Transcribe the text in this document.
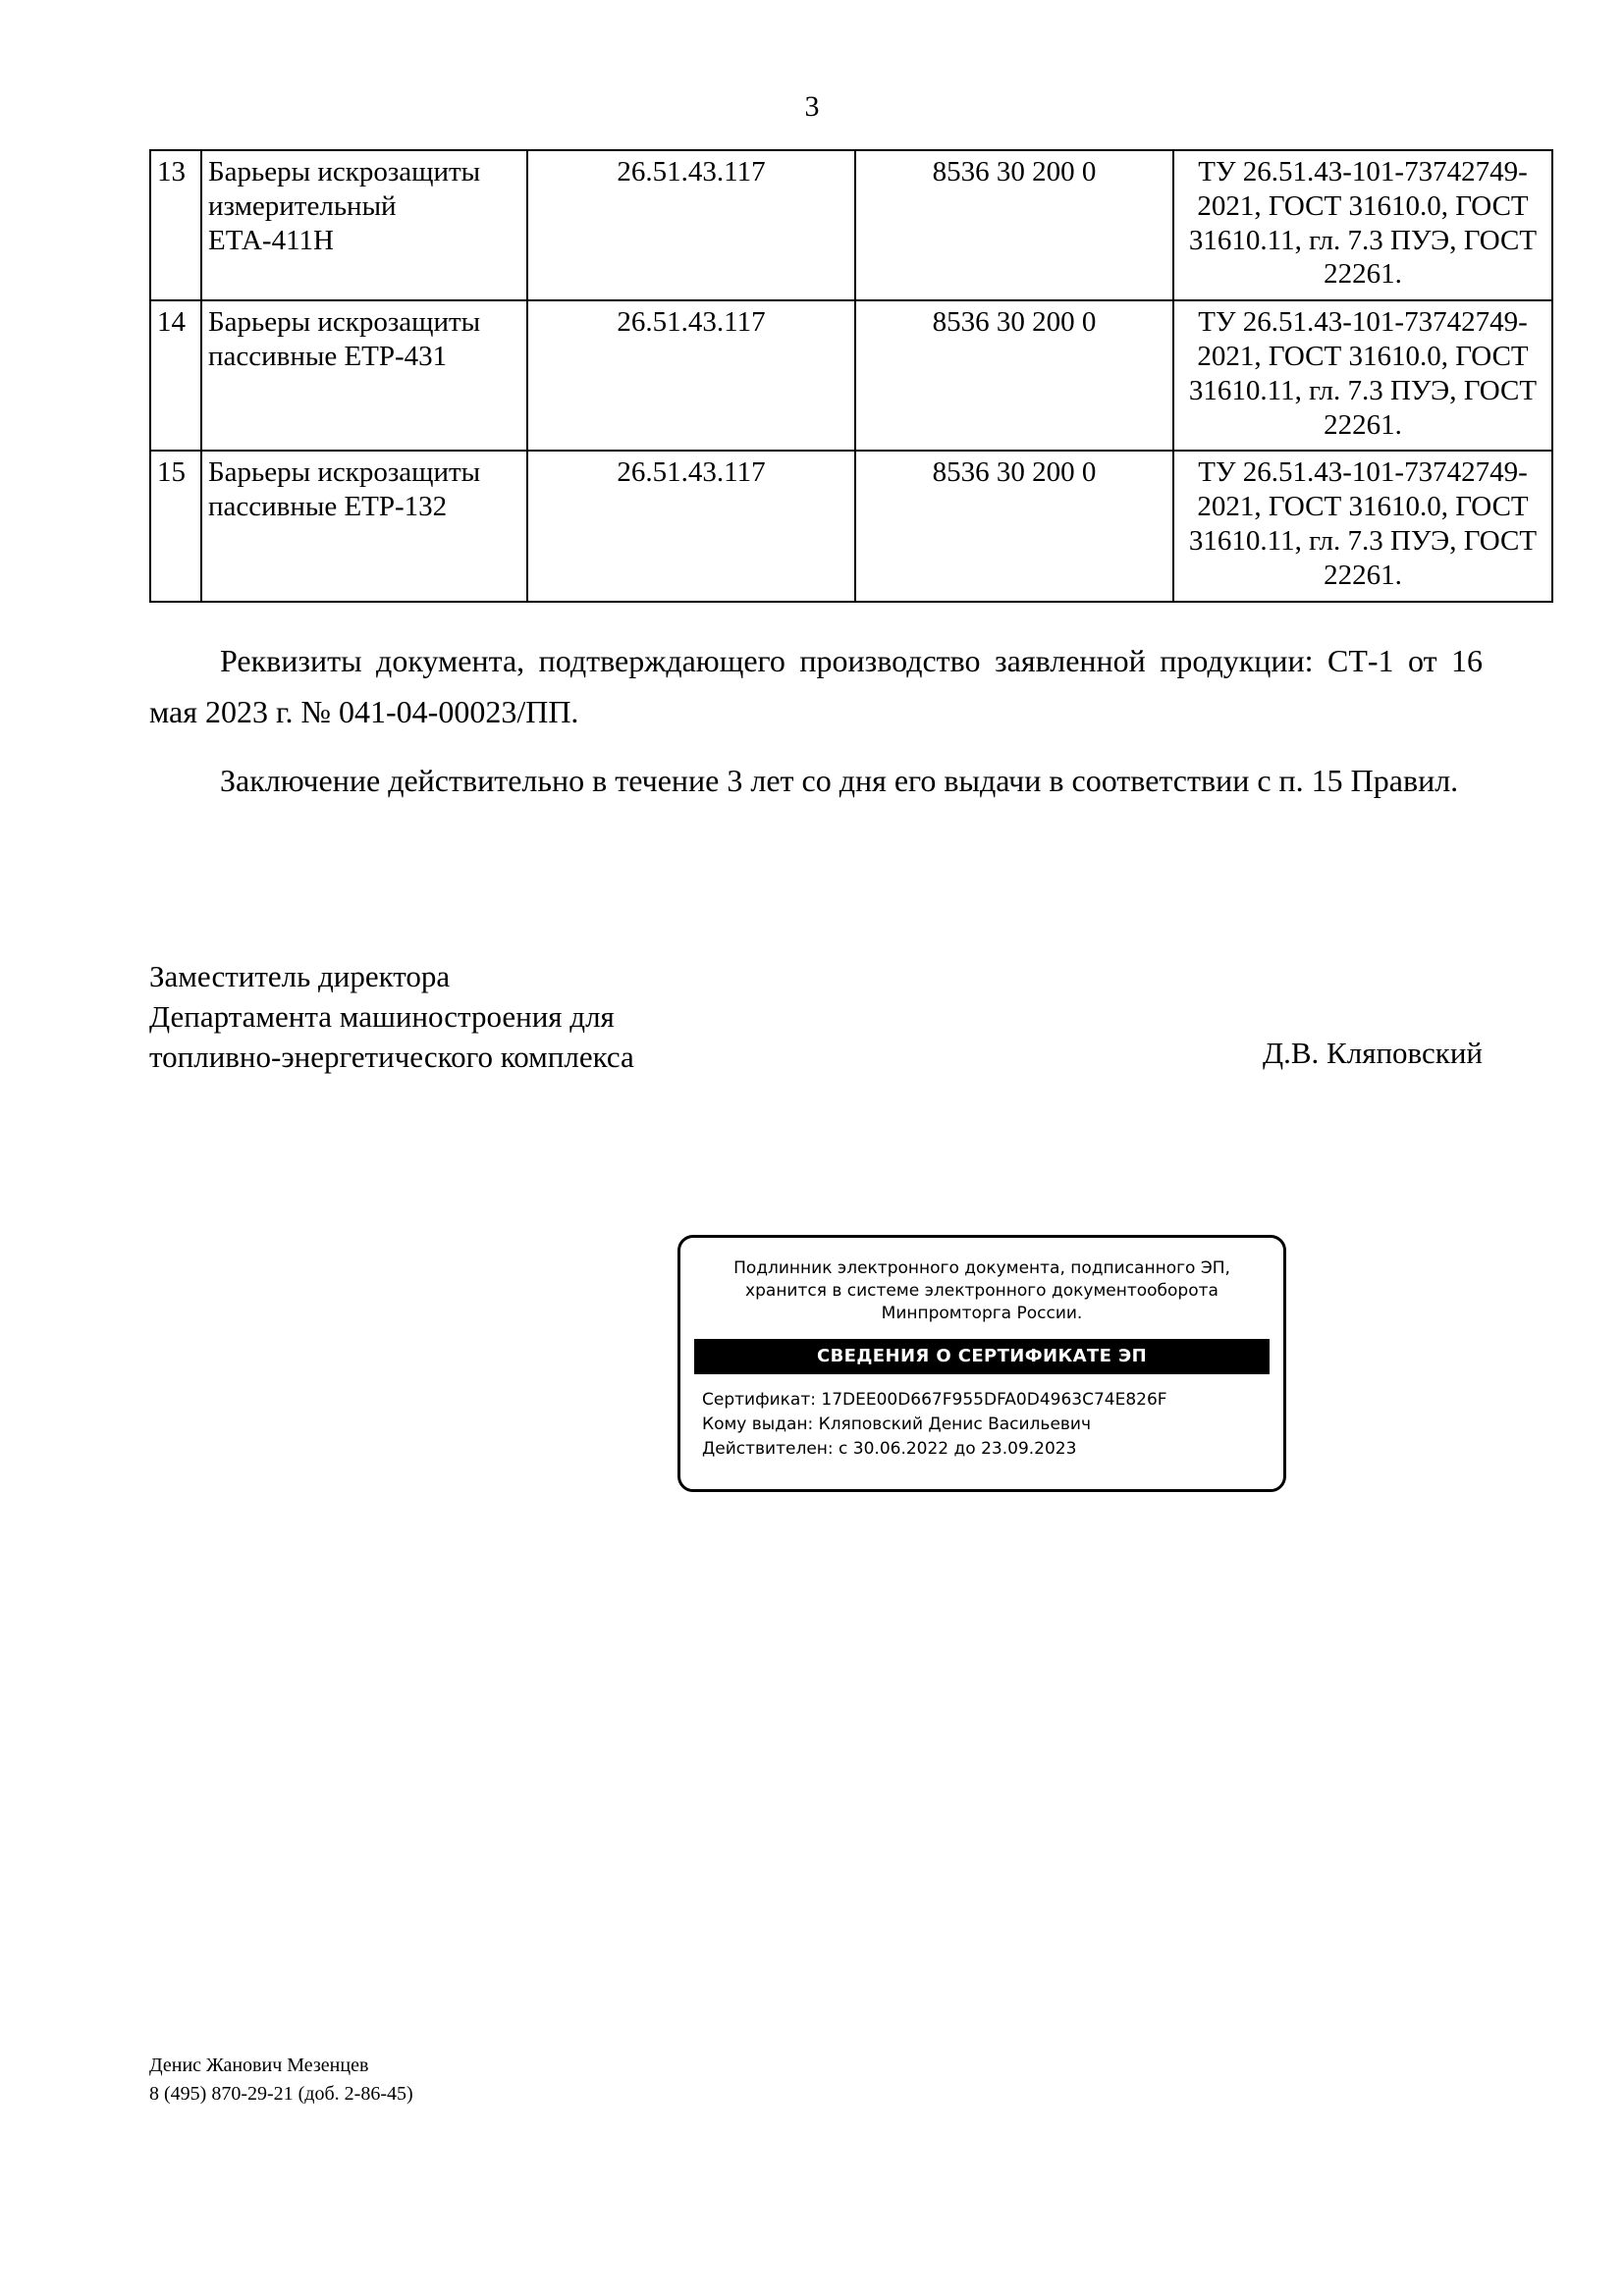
3
13	Барьеры искрозащиты измерительный ЕТА-411Н	26.51.43.117	8536 30 200 0	ТУ 26.51.43-101-73742749-2021, ГОСТ 31610.0, ГОСТ 31610.11, гл. 7.3 ПУЭ, ГОСТ 22261.
14	Барьеры искрозащиты пассивные ЕТР-431	26.51.43.117	8536 30 200 0	ТУ 26.51.43-101-73742749-2021, ГОСТ 31610.0, ГОСТ 31610.11, гл. 7.3 ПУЭ, ГОСТ 22261.
15	Барьеры искрозащиты пассивные ЕТР-132	26.51.43.117	8536 30 200 0	ТУ 26.51.43-101-73742749-2021, ГОСТ 31610.0, ГОСТ 31610.11, гл. 7.3 ПУЭ, ГОСТ 22261.
Реквизиты документа, подтверждающего производство заявленной продукции: СТ-1 от 16 мая 2023 г. № 041-04-00023/ПП.
Заключение действительно в течение 3 лет со дня его выдачи в соответствии с п. 15 Правил.
Заместитель директора
Департамента машиностроения для
топливно-энергетического комплекса	Д.В. Кляповский
Подлинник электронного документа, подписанного ЭП,
хранится в системе электронного документооборота
Минпромторга России.
СВЕДЕНИЯ О СЕРТИФИКАТЕ ЭП
Сертификат: 17DEE00D667F955DFA0D4963C74E826F
Кому выдан: Кляповский Денис Васильевич
Действителен: с 30.06.2022 до 23.09.2023
Денис Жанович Мезенцев
8 (495) 870-29-21 (доб. 2-86-45)
